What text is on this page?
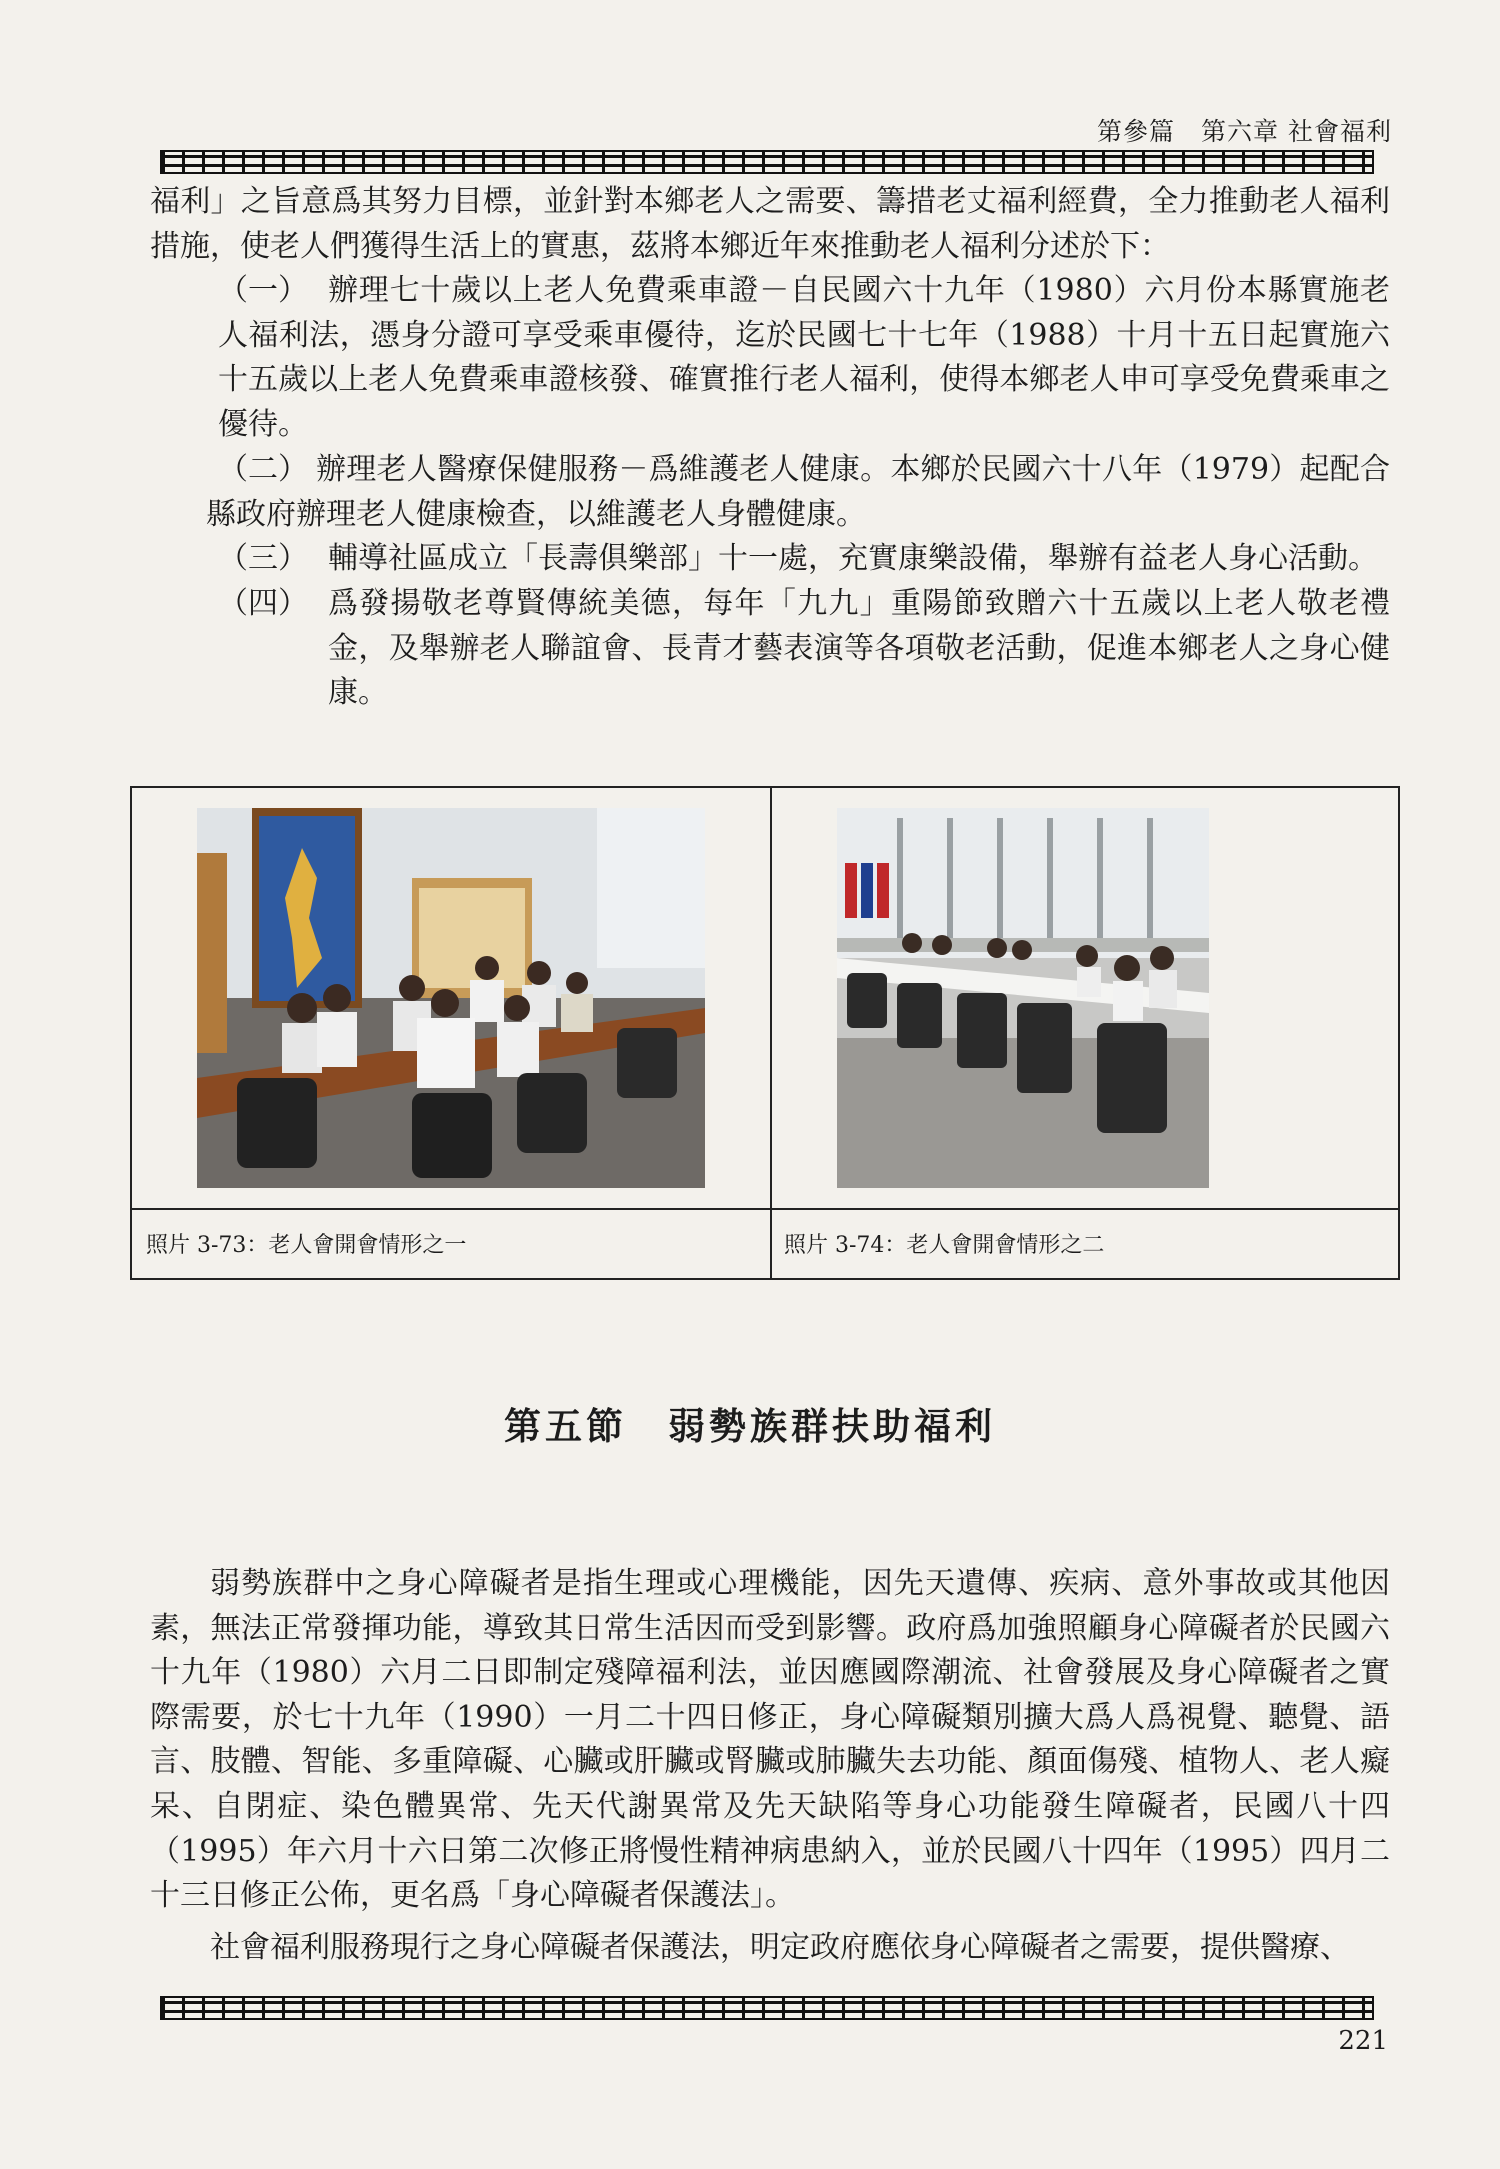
第參篇　第六章 社會福利
福利」之旨意爲其努力目標，並針對本鄉老人之需要、籌措老丈福利經費，全力推動老人福利措施，使老人們獲得生活上的實惠，茲將本鄉近年來推動老人福利分述於下：
（一） 辦理七十歲以上老人免費乘車證－自民國六十九年（1980）六月份本縣實施老人福利法，憑身分證可享受乘車優待，迄於民國七十七年（1988）十月十五日起實施六十五歲以上老人免費乘車證核發、確實推行老人福利，使得本鄉老人申可享受免費乘車之優待。
（二） 辦理老人醫療保健服務－爲維護老人健康。本鄉於民國六十八年（1979）起配合縣政府辦理老人健康檢查，以維護老人身體健康。
（三） 輔導社區成立「長壽俱樂部」十一處，充實康樂設備，舉辦有益老人身心活動。
（四） 爲發揚敬老尊賢傳統美德，每年「九九」重陽節致贈六十五歲以上老人敬老禮金，及舉辦老人聯誼會、長青才藝表演等各項敬老活動，促進本鄉老人之身心健康。
照片 3-73：老人會開會情形之一	照片 3-74：老人會開會情形之二
第五節　弱勢族群扶助福利
弱勢族群中之身心障礙者是指生理或心理機能，因先天遺傳、疾病、意外事故或其他因素，無法正常發揮功能，導致其日常生活因而受到影響。政府爲加強照顧身心障礙者於民國六十九年（1980）六月二日即制定殘障福利法，並因應國際潮流、社會發展及身心障礙者之實際需要，於七十九年（1990）一月二十四日修正，身心障礙類別擴大爲人爲視覺、聽覺、語言、肢體、智能、多重障礙、心臟或肝臟或腎臟或肺臟失去功能、顏面傷殘、植物人、老人癡呆、自閉症、染色體異常、先天代謝異常及先天缺陷等身心功能發生障礙者，民國八十四（1995）年六月十六日第二次修正將慢性精神病患納入，並於民國八十四年（1995）四月二十三日修正公佈，更名爲「身心障礙者保護法」。
社會福利服務現行之身心障礙者保護法，明定政府應依身心障礙者之需要，提供醫療、
221
